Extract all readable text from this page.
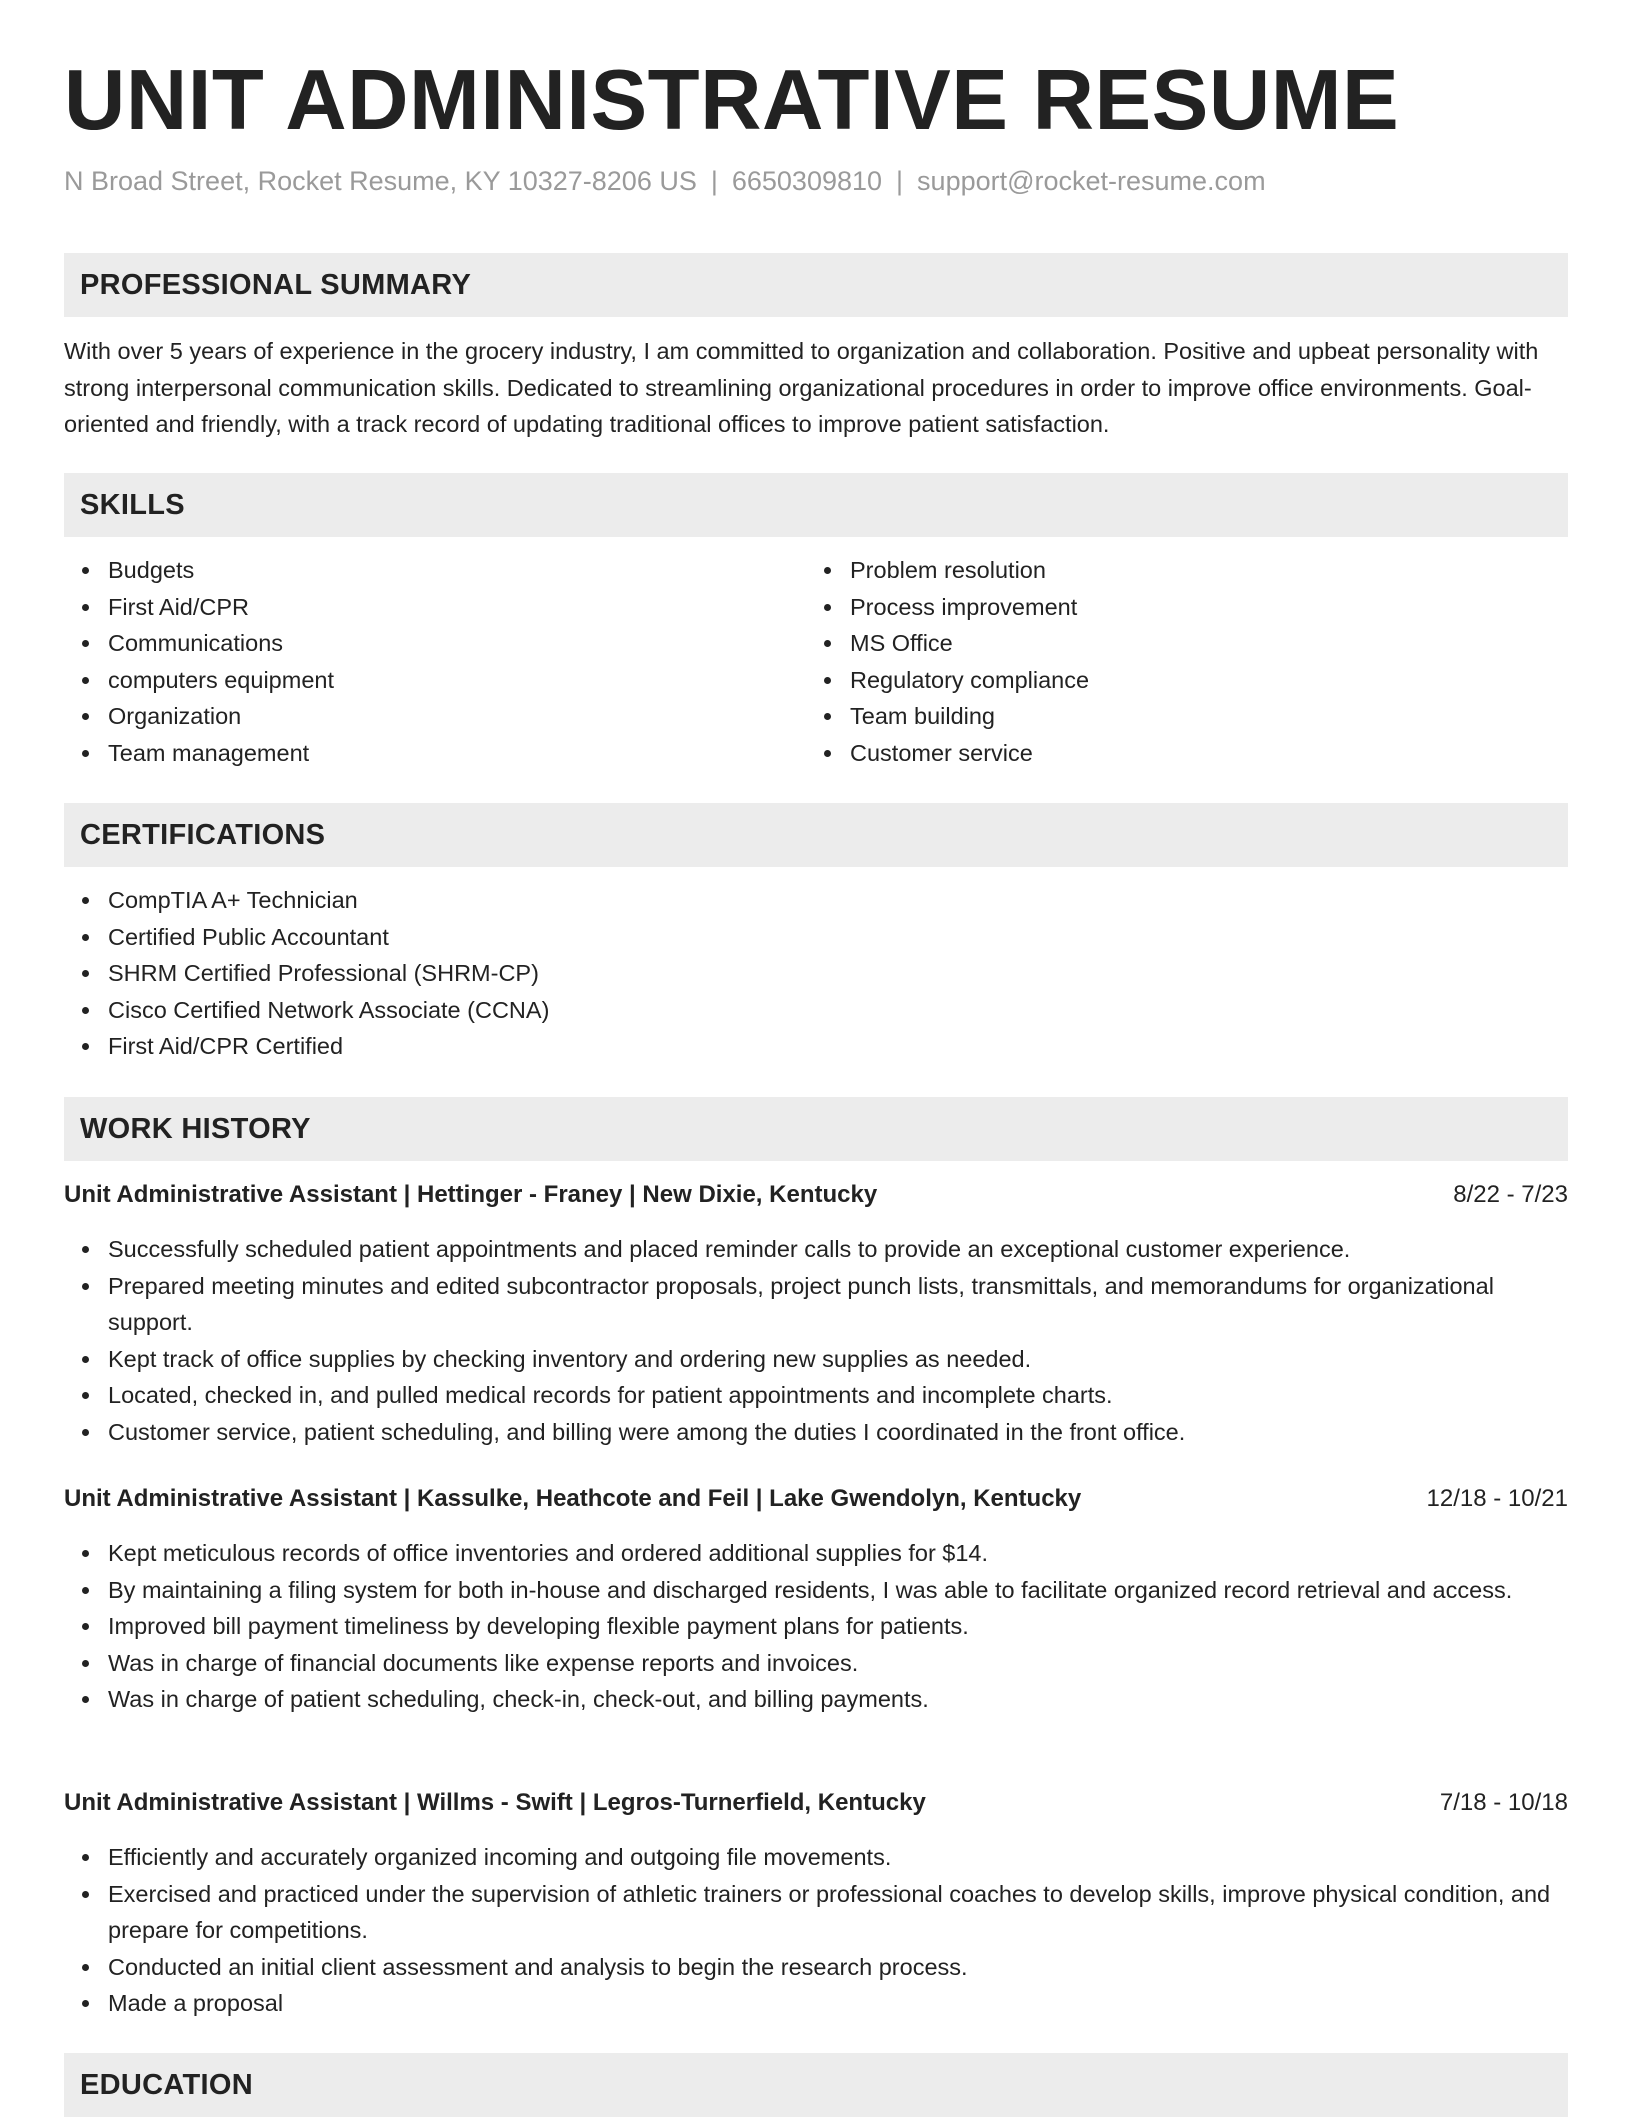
UNIT ADMINISTRATIVE RESUME
N Broad Street, Rocket Resume, KY 10327-8206 US | 6650309810 | support@rocket-resume.com
PROFESSIONAL SUMMARY

With over 5 years of experience in the grocery industry, I am committed to organization and collaboration. Positive and upbeat personality with strong interpersonal communication skills. Dedicated to streamlining organizational procedures in order to improve office environments. Goal-oriented and friendly, with a track record of updating traditional offices to improve patient satisfaction.

SKILLS
Budgets
First Aid/CPR
Communications
computers equipment
Organization
Team management
Problem resolution
Process improvement
MS Office
Regulatory compliance
Team building
Customer service
CERTIFICATIONS
CompTIA A+ Technician
Certified Public Accountant
SHRM Certified Professional (SHRM-CP)
Cisco Certified Network Associate (CCNA)
First Aid/CPR Certified
WORK HISTORY
Unit Administrative Assistant | Hettinger - Franey | New Dixie, Kentucky	8/22 - 7/23
Successfully scheduled patient appointments and placed reminder calls to provide an exceptional customer experience.
Prepared meeting minutes and edited subcontractor proposals, project punch lists, transmittals, and memorandums for organizational support.
Kept track of office supplies by checking inventory and ordering new supplies as needed.
Located, checked in, and pulled medical records for patient appointments and incomplete charts.
Customer service, patient scheduling, and billing were among the duties I coordinated in the front office.
Unit Administrative Assistant | Kassulke, Heathcote and Feil | Lake Gwendolyn, Kentucky	12/18 - 10/21
Kept meticulous records of office inventories and ordered additional supplies for $14.
By maintaining a filing system for both in-house and discharged residents, I was able to facilitate organized record retrieval and access.
Improved bill payment timeliness by developing flexible payment plans for patients.
Was in charge of financial documents like expense reports and invoices.
Was in charge of patient scheduling, check-in, check-out, and billing payments.
Unit Administrative Assistant | Willms - Swift | Legros-Turnerfield, Kentucky	7/18 - 10/18
Efficiently and accurately organized incoming and outgoing file movements.
Exercised and practiced under the supervision of athletic trainers or professional coaches to develop skills, improve physical condition, and prepare for competitions.
Conducted an initial client assessment and analysis to begin the research process.
Made a proposal
EDUCATION
